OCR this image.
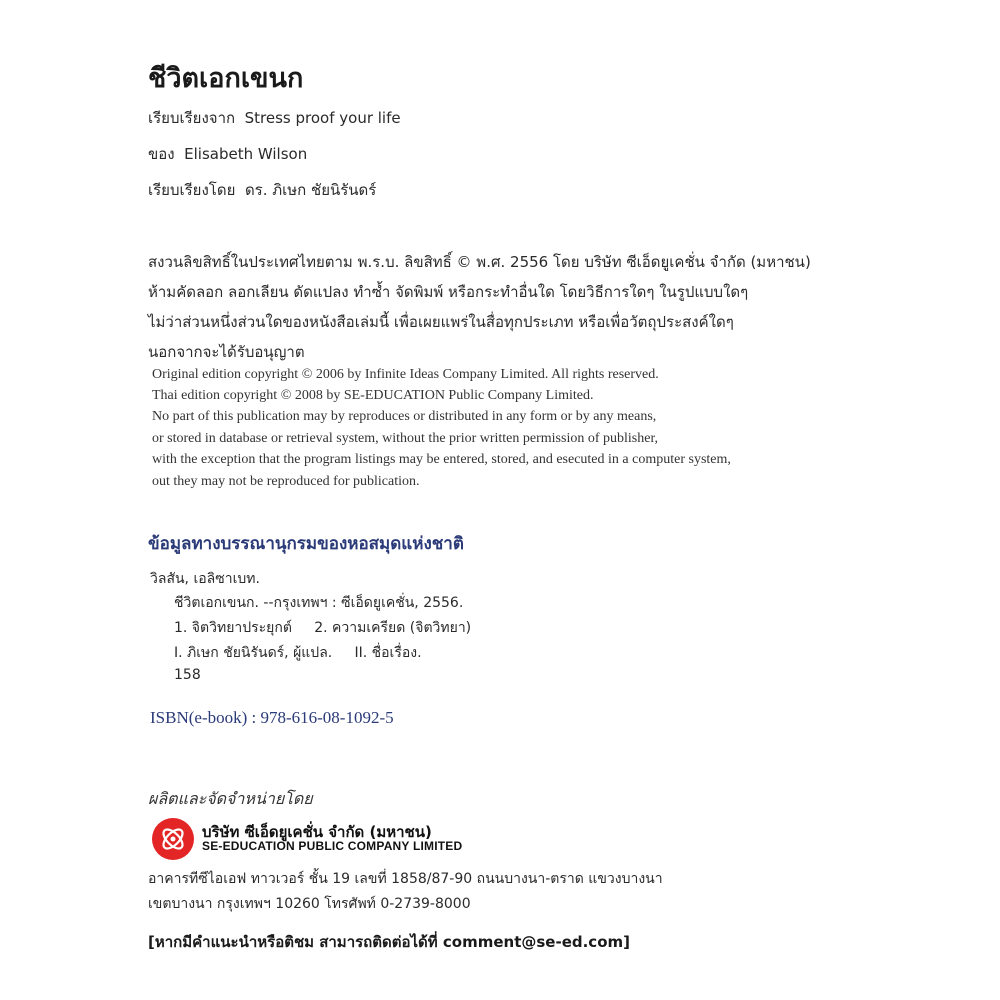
ชีวิตเอกเขนก
เรียบเรียงจาก Stress proof your life
ของ Elisabeth Wilson
เรียบเรียงโดย ดร. ภิเษก ชัยนิรันดร์
สงวนลิขสิทธิ์ในประเทศไทยตาม พ.ร.บ. ลิขสิทธิ์ © พ.ศ. 2556 โดย บริษัท ซีเอ็ดยูเคชั่น จำกัด (มหาชน)
ห้ามคัดลอก ลอกเลียน ดัดแปลง ทำซ้ำ จัดพิมพ์ หรือกระทำอื่นใด โดยวิธีการใดๆ ในรูปแบบใดๆ
ไม่ว่าส่วนหนึ่งส่วนใดของหนังสือเล่มนี้ เพื่อเผยแพร่ในสื่อทุกประเภท หรือเพื่อวัตถุประสงค์ใดๆ
นอกจากจะได้รับอนุญาต
Original edition copyright © 2006 by Infinite Ideas Company Limited. All rights reserved.
Thai edition copyright © 2008 by SE-EDUCATION Public Company Limited.
No part of this publication may by reproduces or distributed in any form or by any means,
or stored in database or retrieval system, without the prior written permission of publisher,
with the exception that the program listings may be entered, stored, and esecuted in a computer system,
out they may not be reproduced for publication.
ข้อมูลทางบรรณานุกรมของหอสมุดแห่งชาติ
วิลสัน, เอลิซาเบท.
ชีวิตเอกเขนก. --กรุงเทพฯ : ซีเอ็ดยูเคชั่น, 2556.
1. จิตวิทยาประยุกต์ 2. ความเครียด (จิตวิทยา)
I. ภิเษก ชัยนิรันดร์, ผู้แปล. II. ชื่อเรื่อง.
158
ISBN(e-book) : 978-616-08-1092-5
ผลิตและจัดจำหน่ายโดย
บริษัท ซีเอ็ดยูเคชั่น จำกัด (มหาชน)
SE-EDUCATION PUBLIC COMPANY LIMITED
อาคารทีซีไอเอฟ ทาวเวอร์ ชั้น 19 เลขที่ 1858/87-90 ถนนบางนา-ตราด แขวงบางนา
เขตบางนา กรุงเทพฯ 10260 โทรศัพท์ 0-2739-8000
[หากมีคำแนะนำหรือติชม สามารถติดต่อได้ที่ comment@se-ed.com]
